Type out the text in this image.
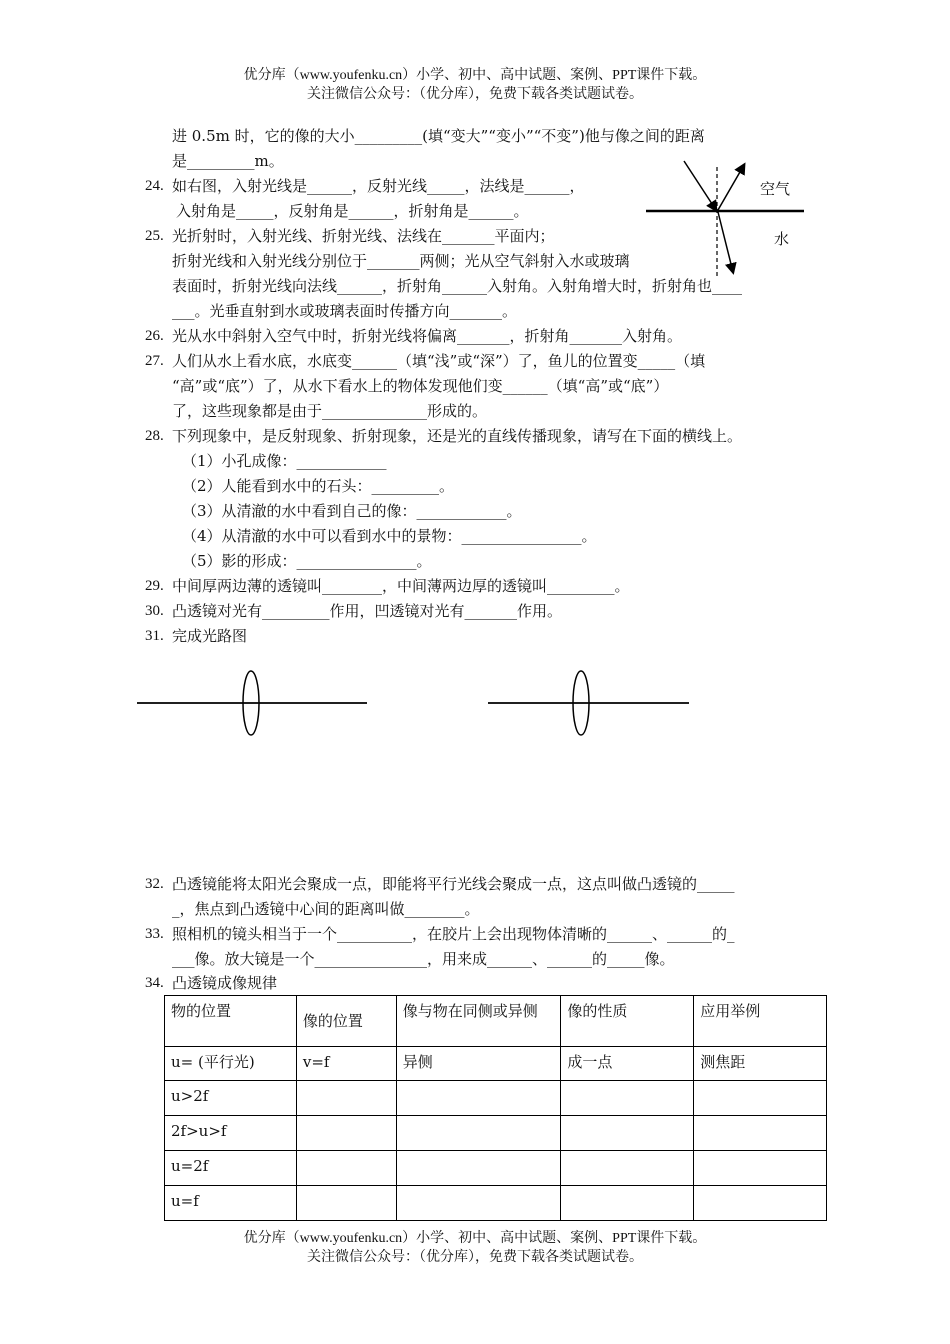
优分库（www.youfenku.cn）小学、初中、高中试题、案例、PPT课件下载。
关注微信公众号：（优分库），免费下载各类试题试卷。
进 0.5m 时，它的像的大小_________(填“变大”“变小”“不变”)他与像之间的距离
是_________m。
24. 如右图，入射光线是______，反射光线_____，法线是______，
入射角是_____，反射角是______，折射角是______。
空气
水
25. 光折射时，入射光线、折射光线、法线在_______平面内；
折射光线和入射光线分别位于_______两侧；光从空气斜射入水或玻璃
表面时，折射光线向法线______，折射角______入射角。入射角增大时，折射角也____
___。光垂直射到水或玻璃表面时传播方向_______。
26. 光从水中斜射入空气中时，折射光线将偏离_______，折射角_______入射角。
27. 人们从水上看水底，水底变______（填“浅”或“深”）了，鱼儿的位置变_____（填
“高”或“底”）了，从水下看水上的物体发现他们变______（填“高”或“底”）
了，这些现象都是由于______________形成的。
28. 下列现象中，是反射现象、折射现象，还是光的直线传播现象，请写在下面的横线上。
（1）小孔成像：____________
（2）人能看到水中的石头：_________。
（3）从清澈的水中看到自己的像：____________。
（4）从清澈的水中可以看到水中的景物：________________。
（5）影的形成：________________。
29. 中间厚两边薄的透镜叫________，中间薄两边厚的透镜叫_________。
30. 凸透镜对光有_________作用，凹透镜对光有_______作用。
31. 完成光路图
32. 凸透镜能将太阳光会聚成一点，即能将平行光线会聚成一点，这点叫做凸透镜的_____
_，焦点到凸透镜中心间的距离叫做________。
33. 照相机的镜头相当于一个__________，在胶片上会出现物体清晰的______、______的_
___像。放大镜是一个_______________，用来成______、______的_____像。
34. 凸透镜成像规律
物的位置	像的位置	像与物在同侧或异侧	像的性质	应用举例
u= (平行光)	v=f	异侧	成一点	测焦距
u>2f				
2f>u>f				
u=2f				
u=f				
优分库（www.youfenku.cn）小学、初中、高中试题、案例、PPT课件下载。
关注微信公众号：（优分库），免费下载各类试题试卷。
